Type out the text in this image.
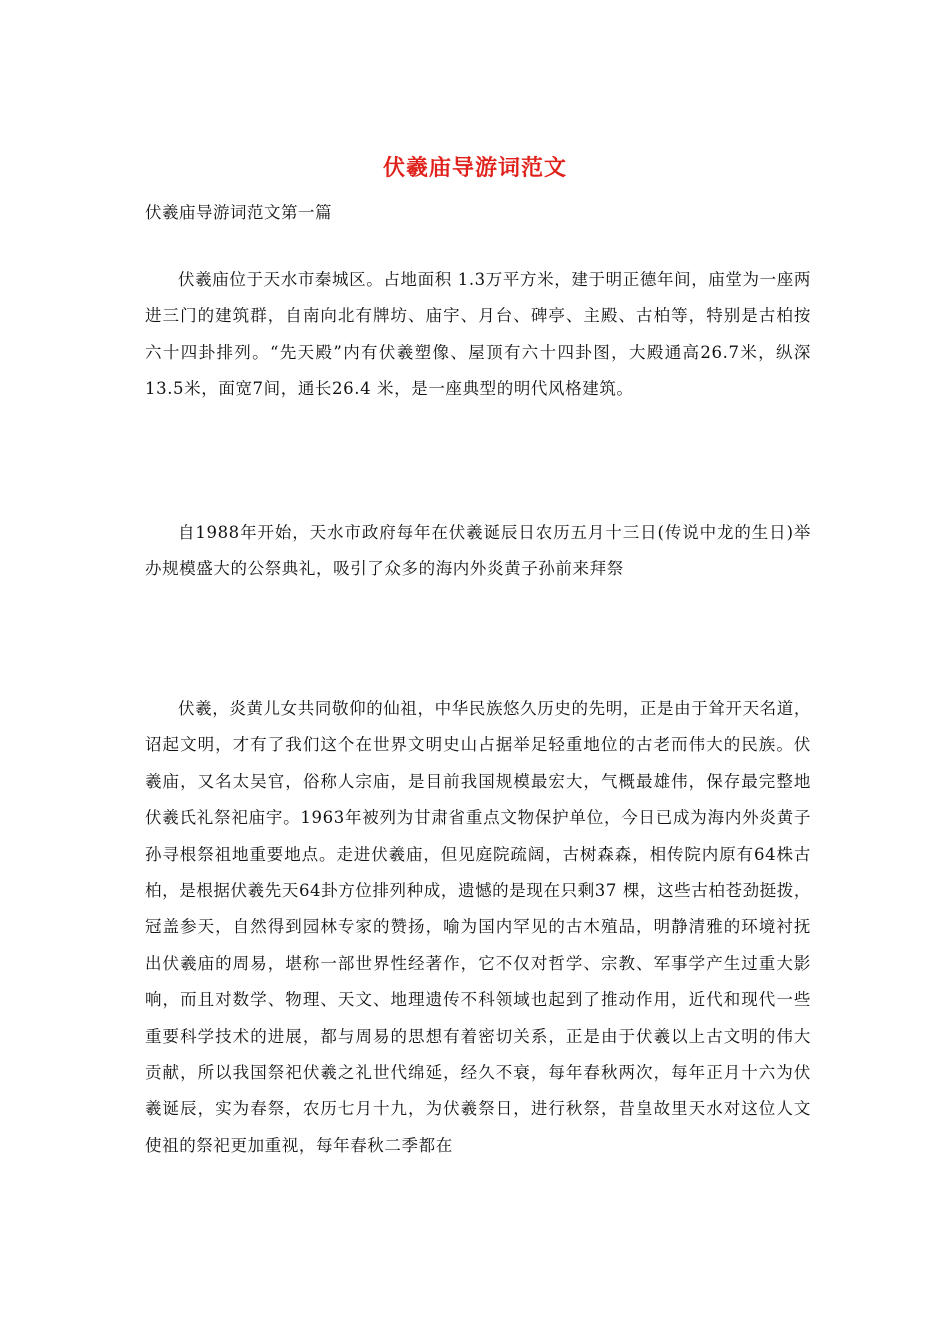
伏羲庙导游词范文
伏羲庙导游词范文第一篇

伏羲庙位于天水市秦城区。占地面积 1.3万平方米，建于明正德年间，庙堂为一座两进三门的建筑群，自南向北有牌坊、庙宇、月台、碑亭、主殿、古柏等，特别是古柏按六十四卦排列。“先天殿”内有伏羲塑像、屋顶有六十四卦图，大殿通高26.7米，纵深13.5米，面宽7间，通长26.4 米，是一座典型的明代风格建筑。

自1988年开始，天水市政府每年在伏羲诞辰日农历五月十三日(传说中龙的生日)举办规模盛大的公祭典礼，吸引了众多的海内外炎黄子孙前来拜祭

伏羲，炎黄儿女共同敬仰的仙祖，中华民族悠久历史的先明，正是由于耸开天名道，诏起文明，才有了我们这个在世界文明史山占据举足轻重地位的古老而伟大的民族。伏羲庙，又名太吴官，俗称人宗庙，是目前我国规模最宏大，气概最雄伟，保存最完整地伏羲氏礼祭祀庙宇。1963年被列为甘肃省重点文物保护单位，今日已成为海内外炎黄子孙寻根祭祖地重要地点。走进伏羲庙，但见庭院疏阔，古树森森，相传院内原有64株古柏，是根据伏羲先天64卦方位排列种成，遗憾的是现在只剩37 棵，这些古柏苍劲挺拨，冠盖参天，自然得到园林专家的赞扬，喻为国内罕见的古木殖品，明静清雅的环境衬抚出伏羲庙的周易，堪称一部世界性经著作，它不仅对哲学、宗教、军事学产生过重大影响，而且对数学、物理、天文、地理遗传不科领域也起到了推动作用，近代和现代一些重要科学技术的进展，都与周易的思想有着密切关系，正是由于伏羲以上古文明的伟大贡献，所以我国祭祀伏羲之礼世代绵延，经久不衰，每年春秋两次，每年正月十六为伏羲诞辰，实为春祭，农历七月十九，为伏羲祭日，进行秋祭，昔皇故里天水对这位人文使祖的祭祀更加重视，每年春秋二季都在
